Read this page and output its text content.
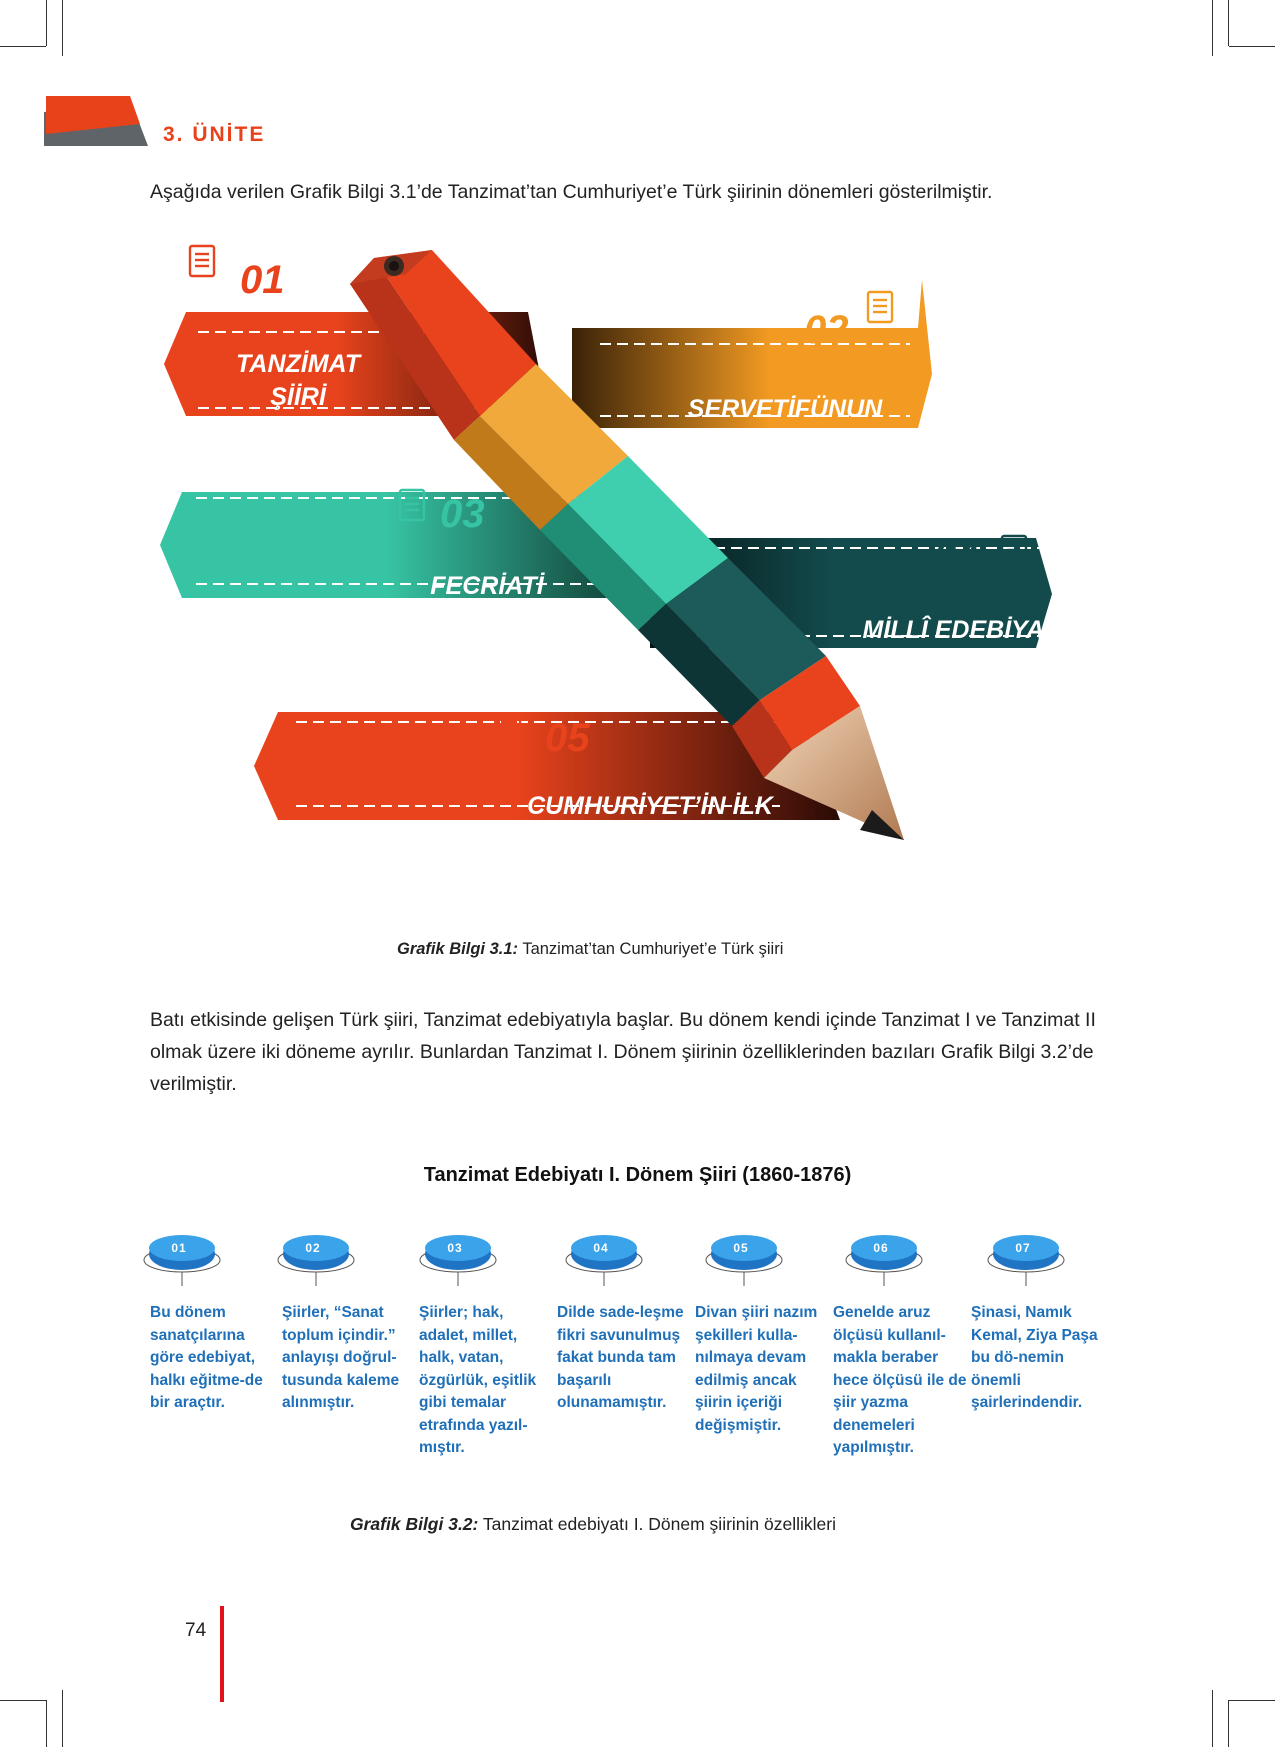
3. ÜNİTE
Aşağıda verilen Grafik Bilgi 3.1’de Tanzimat’tan Cumhuriyet’e Türk şiirinin dönemleri gösterilmiştir.
01
02
03
04
05
TANZİMAT
ŞİİRİ	SERVETİFÜNUN
ŞİİRİ
FECRİATİ
ŞİİRİ	MİLLÎ EDEBİYAT
DÖNEMİ ŞİİRİ
CUMHURİYET’İN İLK
DÖNEMİNDE ŞİİR
Grafik Bilgi 3.1: Tanzimat’tan Cumhuriyet’e Türk şiiri
Batı etkisinde gelişen Türk şiiri, Tanzimat edebiyatıyla başlar. Bu dönem kendi içinde Tanzimat I ve Tanzimat II olmak üzere iki döneme ayrılır. Bunlardan Tanzimat I. Dönem şiirinin özelliklerinden bazıları Grafik Bilgi 3.2’de verilmiştir.
Tanzimat Edebiyatı I. Dönem Şiiri (1860-1876)
01	02	03	04	05	06	07
Bu dönem sanatçılarına göre edebiyat, halkı eğitme-de bir araçtır.
Şiirler, “Sanat toplum içindir.” anlayışı doğrul-tusunda kaleme alınmıştır.
Şiirler; hak, adalet, millet, halk, vatan, özgürlük, eşitlik gibi temalar etrafında yazıl-mıştır.
Dilde sade-leşme fikri savunulmuş fakat bunda tam başarılı olunamamıştır.
Divan şiiri nazım şekilleri kulla-nılmaya devam edilmiş ancak şiirin içeriği değişmiştir.
Genelde aruz ölçüsü kullanıl-makla beraber hece ölçüsü ile de şiir yazma denemeleri yapılmıştır.
Şinasi, Namık Kemal, Ziya Paşa bu dö-nemin önemli şairlerindendir.
Grafik Bilgi 3.2: Tanzimat edebiyatı I. Dönem şiirinin özellikleri
74
